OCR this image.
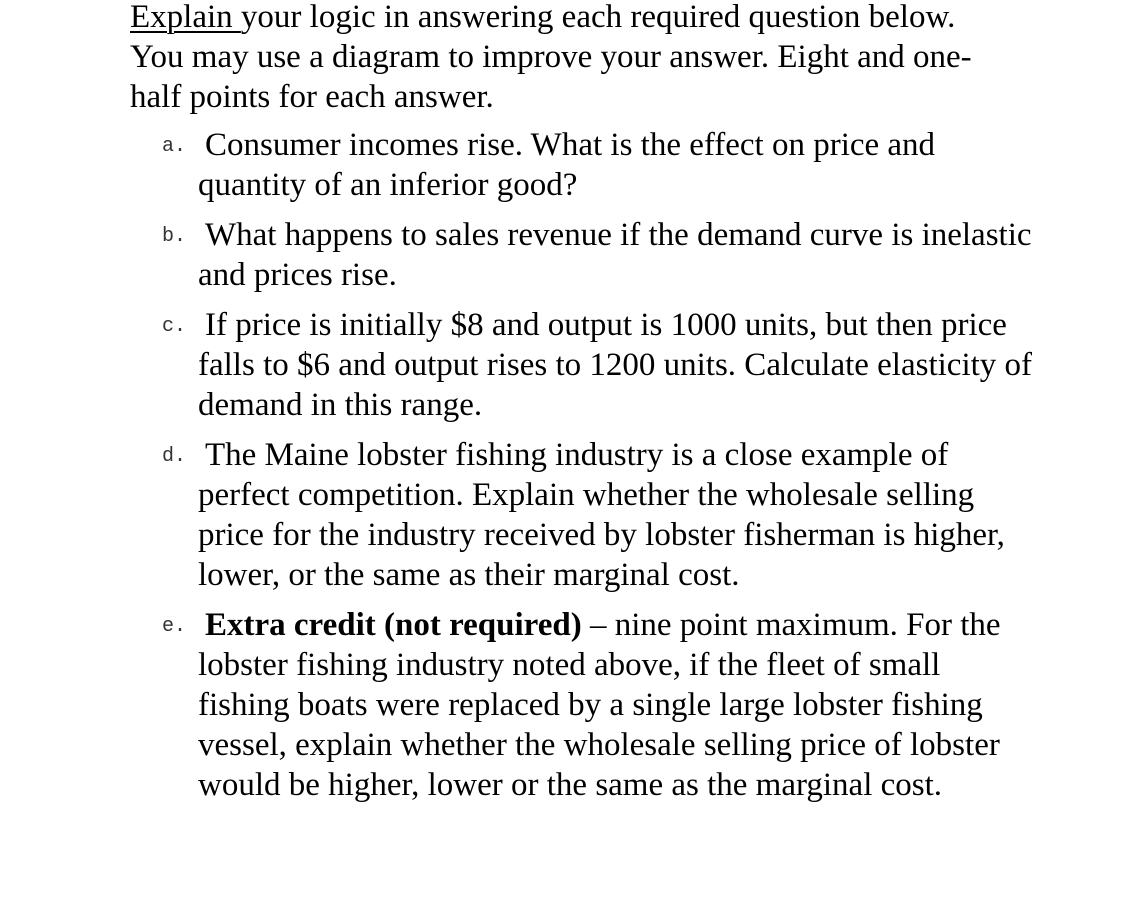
Explain your logic in answering each required question below.
You may use a diagram to improve your answer. Eight and one-
half points for each answer.

a. Consumer incomes rise. What is the effect on price and quantity of an inferior good?
b. What happens to sales revenue if the demand curve is inelastic and prices rise.
c. If price is initially $8 and output is 1000 units, but then price falls to $6 and output rises to 1200 units. Calculate elasticity of demand in this range.
d. The Maine lobster fishing industry is a close example of perfect competition. Explain whether the wholesale selling price for the industry received by lobster fisherman is higher, lower, or the same as their marginal cost.
e. Extra credit (not required) – nine point maximum. For the lobster fishing industry noted above, if the fleet of small fishing boats were replaced by a single large lobster fishing vessel, explain whether the wholesale selling price of lobster would be higher, lower or the same as the marginal cost.
